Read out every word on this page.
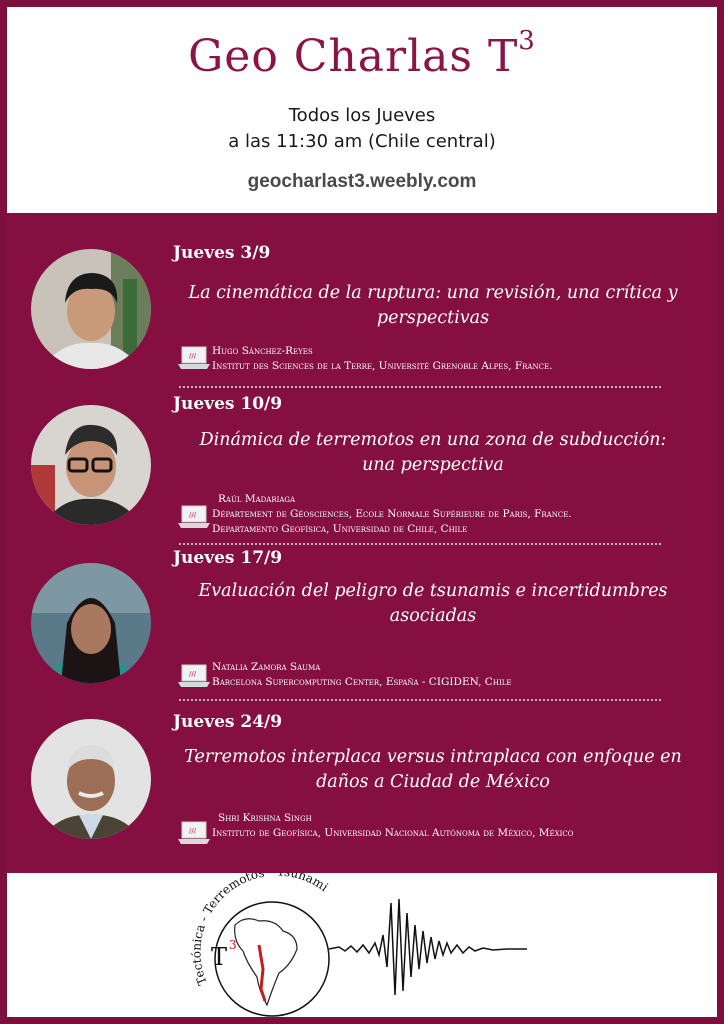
Geo Charlas $T^3$
Todos los Jueves
a las 11:30 am (Chile central)
geocharlast3.weebly.com
Jueves 3/9
La cinemática de la ruptura: una revisión, una crítica y perspectivas
/// Hugo Sánchez-Reyes
Institut des Sciences de la Terre, Université Grenoble Alpes, France.
Jueves 10/9
Dinámica de terremotos en una zona de subducción: una perspectiva
///
Raúl Madariaga
Département de Géosciences, Ecole Normale Supérieure de Paris, France.
Departamento Geofísica, Universidad de Chile, Chile
Jueves 17/9
Evaluación del peligro de tsunamis e incertidumbres asociadas
///
Natalia Zamora Sauma
Barcelona Supercomputing Center, España - CIGIDEN, Chile
Jueves 24/9
Terremotos interplaca versus intraplaca con enfoque en daños a Ciudad de México
///
Shri Krishna Singh
Instituto de Geofísica, Universidad Nacional Autónoma de México, México
T 3
Tectónica - Terremotos unami
